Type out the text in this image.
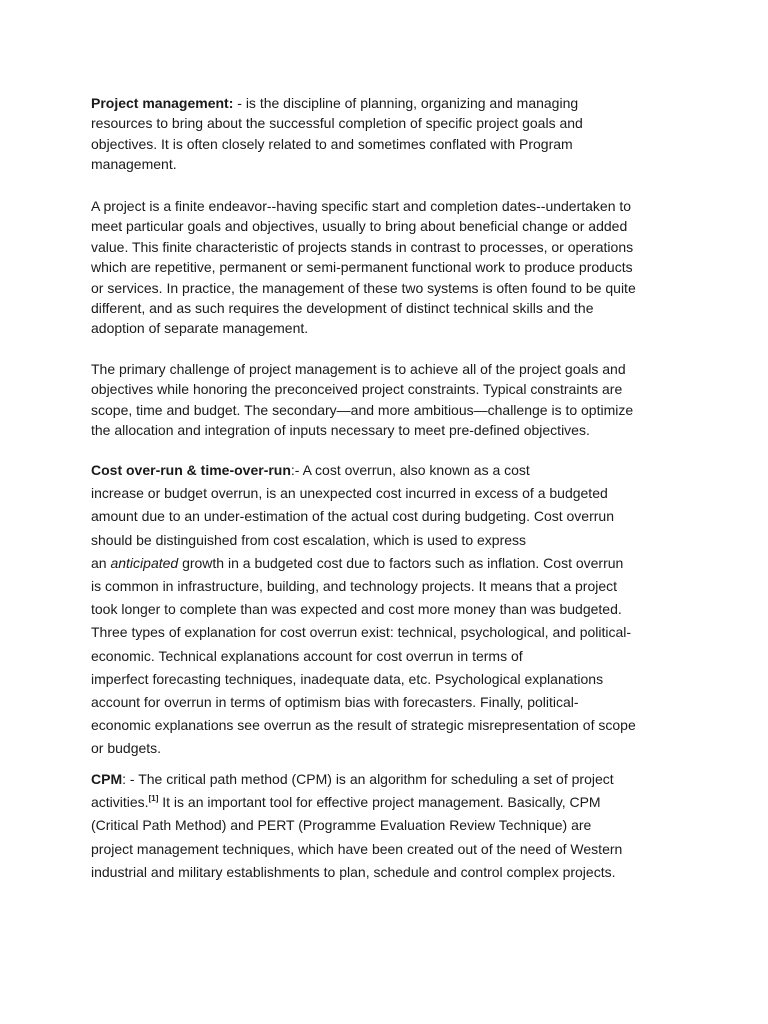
Project management: - is the discipline of planning, organizing and managing
resources to bring about the successful completion of specific project goals and
objectives. It is often closely related to and sometimes conflated with Program
management.

A project is a finite endeavor--having specific start and completion dates--undertaken to
meet particular goals and objectives, usually to bring about beneficial change or added
value. This finite characteristic of projects stands in contrast to processes, or operations
which are repetitive, permanent or semi-permanent functional work to produce products
or services. In practice, the management of these two systems is often found to be quite
different, and as such requires the development of distinct technical skills and the
adoption of separate management.

The primary challenge of project management is to achieve all of the project goals and
objectives while honoring the preconceived project constraints. Typical constraints are
scope, time and budget. The secondary—and more ambitious—challenge is to optimize
the allocation and integration of inputs necessary to meet pre-defined objectives.

Cost over-run & time-over-run:- A cost overrun, also known as a cost
increase or budget overrun, is an unexpected cost incurred in excess of a budgeted
amount due to an under-estimation of the actual cost during budgeting. Cost overrun
should be distinguished from cost escalation, which is used to express
an anticipated growth in a budgeted cost due to factors such as inflation. Cost overrun
is common in infrastructure, building, and technology projects. It means that a project
took longer to complete than was expected and cost more money than was budgeted.
Three types of explanation for cost overrun exist: technical, psychological, and political-
economic. Technical explanations account for cost overrun in terms of
imperfect forecasting techniques, inadequate data, etc. Psychological explanations
account for overrun in terms of optimism bias with forecasters. Finally, political-
economic explanations see overrun as the result of strategic misrepresentation of scope
or budgets.

CPM: - The critical path method (CPM) is an algorithm for scheduling a set of project
activities.[1] It is an important tool for effective project management. Basically, CPM
(Critical Path Method) and PERT (Programme Evaluation Review Technique) are
project management techniques, which have been created out of the need of Western
industrial and military establishments to plan, schedule and control complex projects.
